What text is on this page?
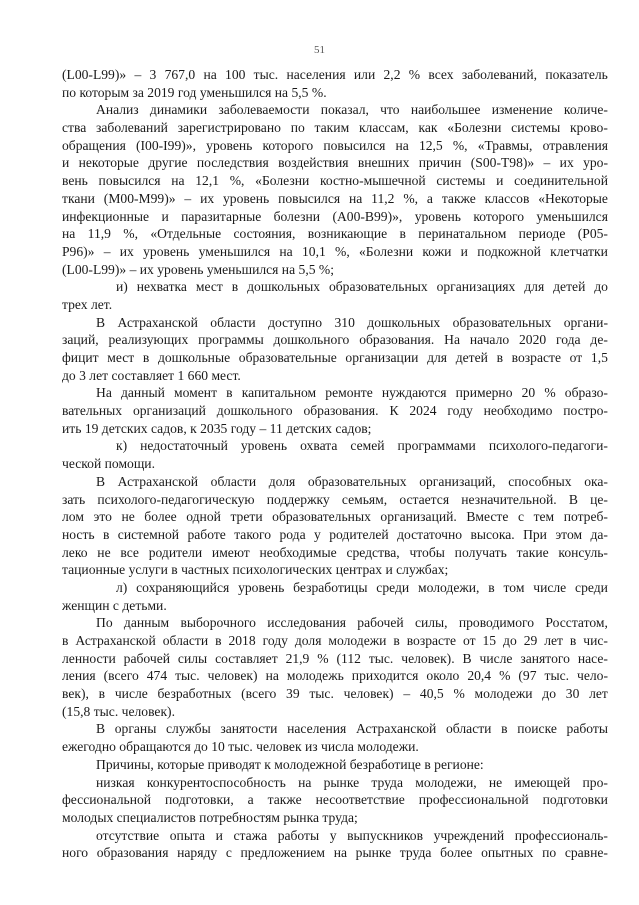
51
(L00-L99)» – 3 767,0 на 100 тыс. населения или 2,2 % всех заболеваний, показатель
по которым за 2019 год уменьшился на 5,5 %.
Анализ динамики заболеваемости показал, что наибольшее изменение количе-
ства заболеваний зарегистрировано по таким классам, как «Болезни системы крово-
обращения (I00-I99)», уровень которого повысился на 12,5 %, «Травмы, отравления
и некоторые другие последствия воздействия внешних причин (S00-T98)» – их уро-
вень повысился на 12,1 %, «Болезни костно-мышечной системы и соединительной
ткани (M00-M99)» – их уровень повысился на 11,2 %, а также классов «Некоторые
инфекционные и паразитарные болезни (A00-B99)», уровень которого уменьшился
на 11,9 %, «Отдельные состояния, возникающие в перинатальном периоде (P05-
P96)» – их уровень уменьшился на 10,1 %, «Болезни кожи и подкожной клетчатки
(L00-L99)» – их уровень уменьшился на 5,5 %;
и) нехватка мест в дошкольных образовательных организациях для детей до
трех лет.
В Астраханской области доступно 310 дошкольных образовательных органи-
заций, реализующих программы дошкольного образования. На начало 2020 года де-
фицит мест в дошкольные образовательные организации для детей в возрасте от 1,5
до 3 лет составляет 1 660 мест.
На данный момент в капитальном ремонте нуждаются примерно 20 % образо-
вательных организаций дошкольного образования. К 2024 году необходимо постро-
ить 19 детских садов, к 2035 году – 11 детских садов;
к) недостаточный уровень охвата семей программами психолого-педагоги-
ческой помощи.
В Астраханской области доля образовательных организаций, способных ока-
зать психолого-педагогическую поддержку семьям, остается незначительной. В це-
лом это не более одной трети образовательных организаций. Вместе с тем потреб-
ность в системной работе такого рода у родителей достаточно высока. При этом да-
леко не все родители имеют необходимые средства, чтобы получать такие консуль-
тационные услуги в частных психологических центрах и службах;
л) сохраняющийся уровень безработицы среди молодежи, в том числе среди
женщин с детьми.
По данным выборочного исследования рабочей силы, проводимого Росстатом,
в Астраханской области в 2018 году доля молодежи в возрасте от 15 до 29 лет в чис-
ленности рабочей силы составляет 21,9 % (112 тыс. человек). В числе занятого насе-
ления (всего 474 тыс. человек) на молодежь приходится около 20,4 % (97 тыс. чело-
век), в числе безработных (всего 39 тыс. человек) – 40,5 % молодежи до 30 лет
(15,8 тыс. человек).
В органы службы занятости населения Астраханской области в поиске работы
ежегодно обращаются до 10 тыс. человек из числа молодежи.
Причины, которые приводят к молодежной безработице в регионе:
низкая конкурентоспособность на рынке труда молодежи, не имеющей про-
фессиональной подготовки, а также несоответствие профессиональной подготовки
молодых специалистов потребностям рынка труда;
отсутствие опыта и стажа работы у выпускников учреждений профессиональ-
ного образования наряду с предложением на рынке труда более опытных по сравне-
